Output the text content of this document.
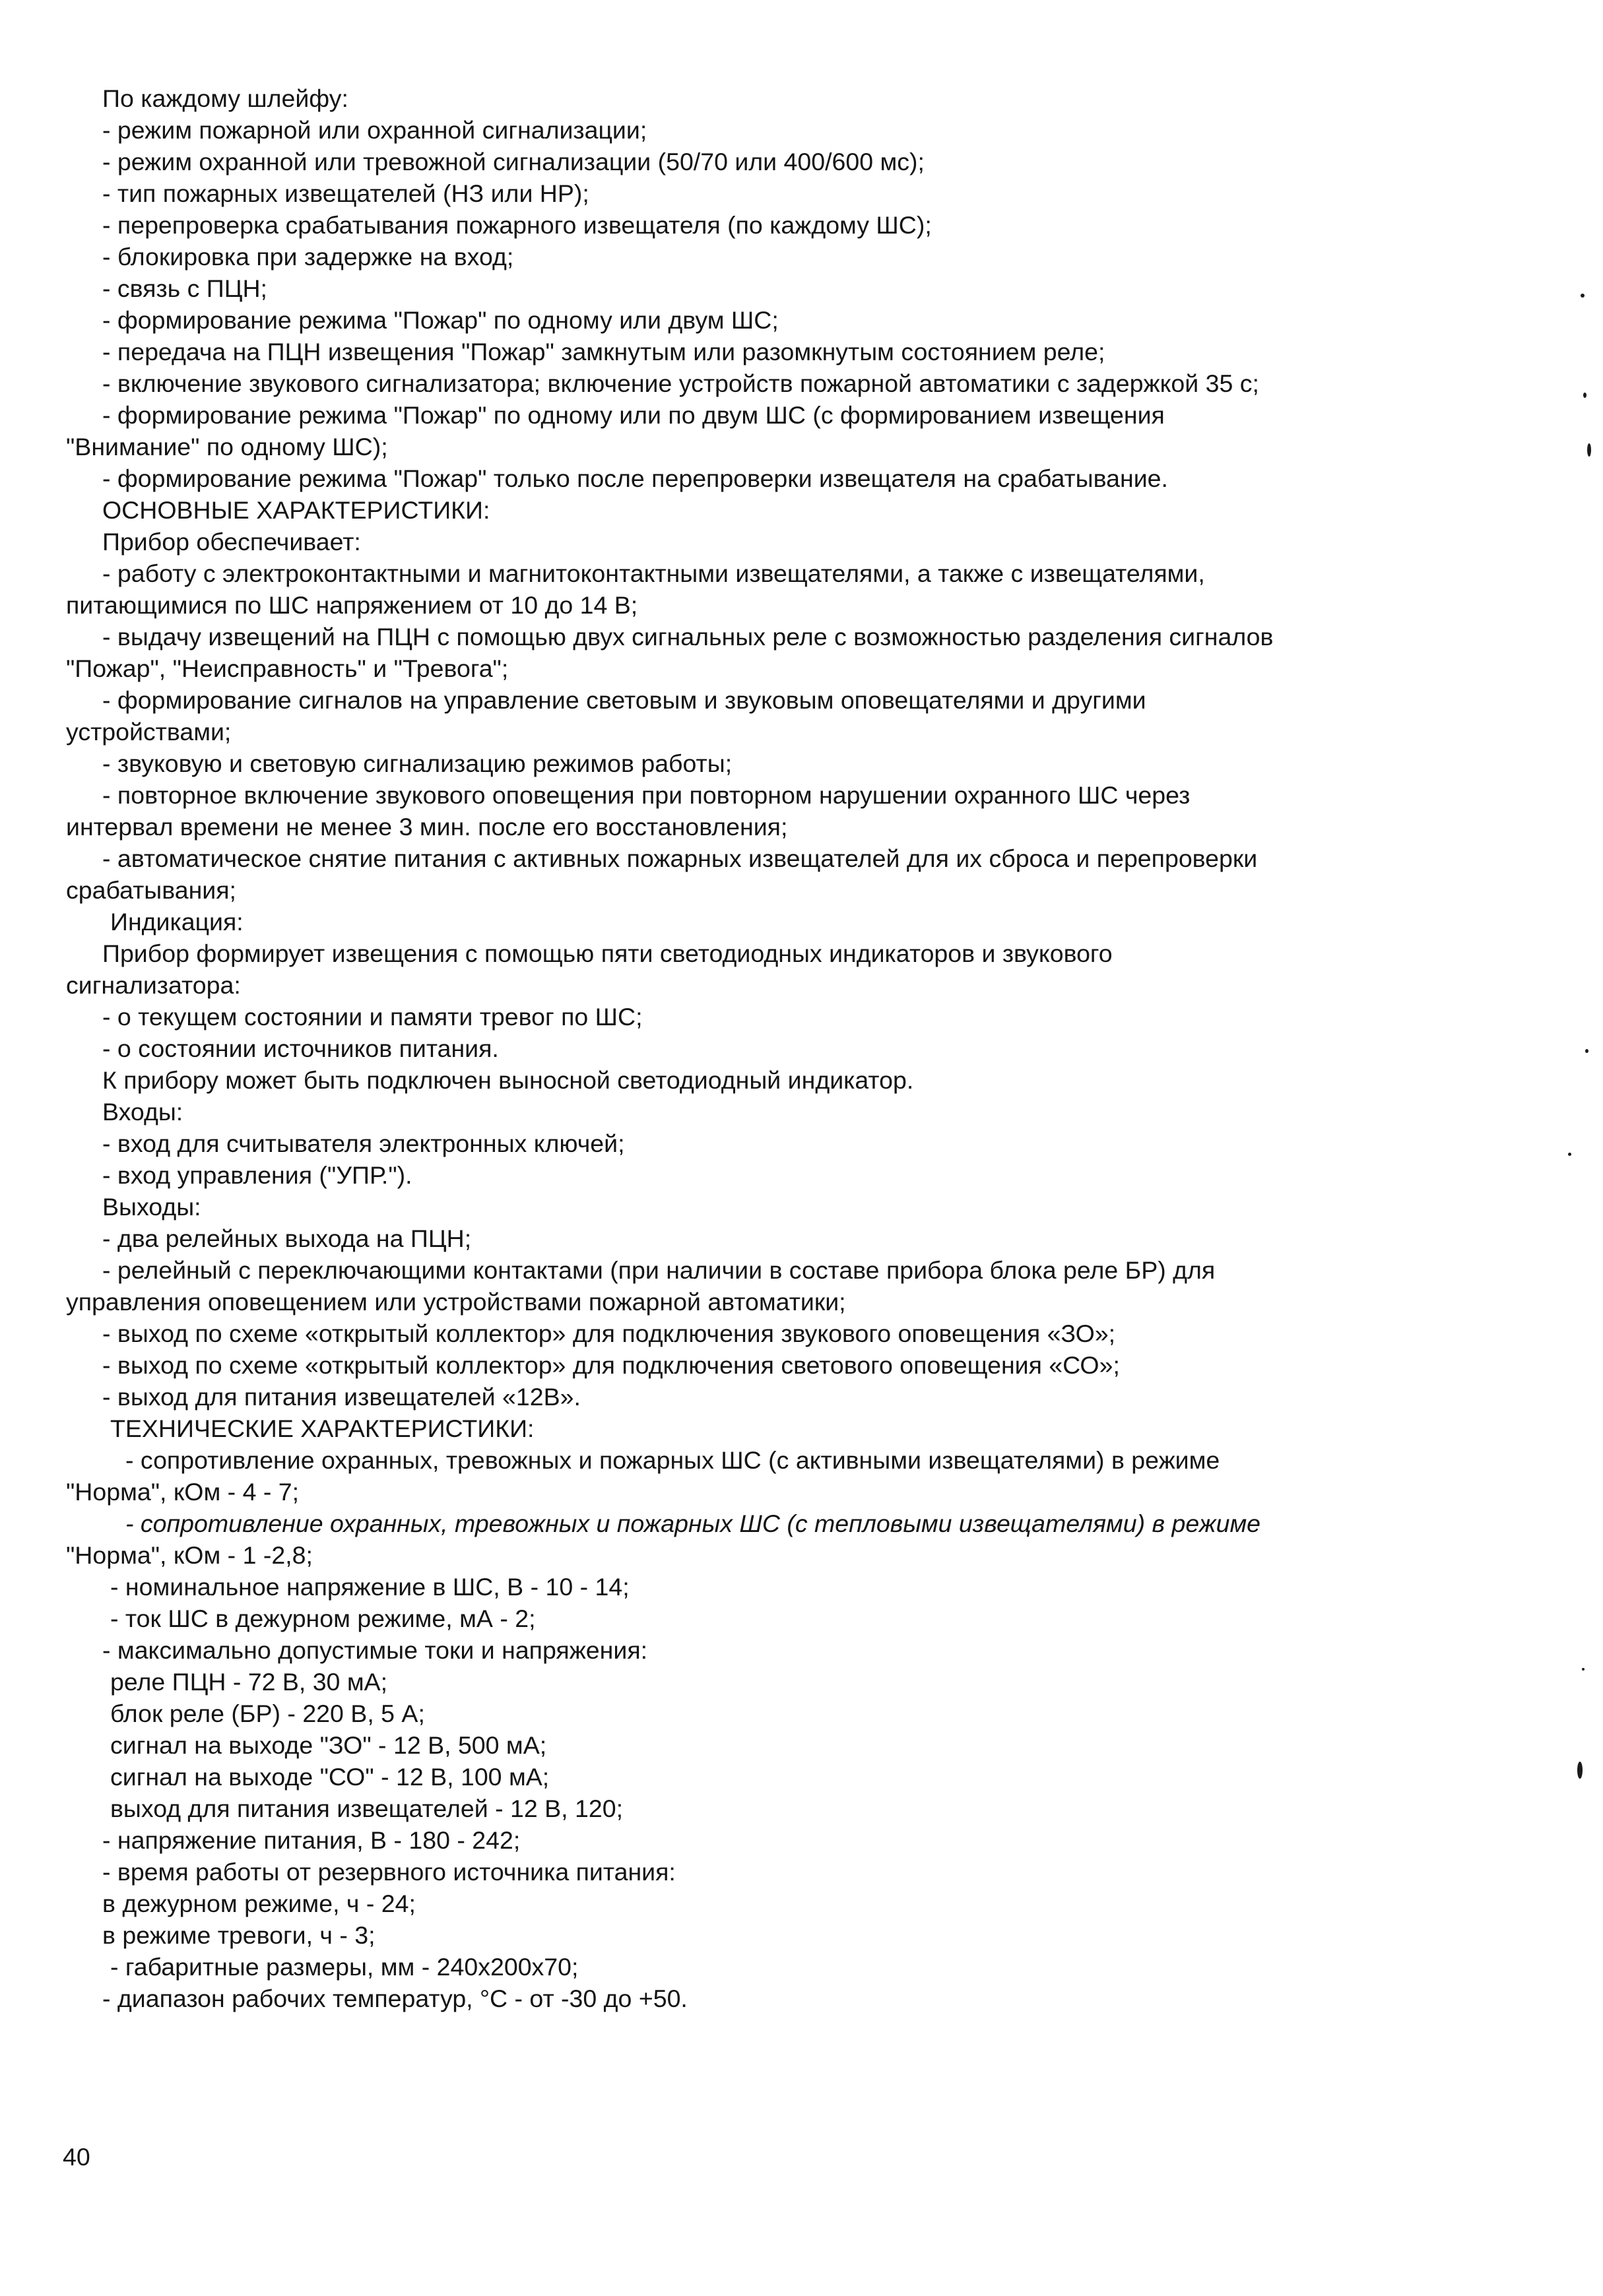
По каждому шлейфу:
- режим пожарной или охранной сигнализации;
- режим охранной или тревожной сигнализации (50/70 или 400/600 мс);
- тип пожарных извещателей (НЗ или НР);
- перепроверка срабатывания пожарного извещателя (по каждому ШС);
- блокировка при задержке на вход;
- связь с ПЦН;
- формирование режима "Пожар" по одному или двум ШС;
- передача на ПЦН извещения "Пожар" замкнутым или разомкнутым состоянием реле;
- включение звукового сигнализатора; включение устройств пожарной автоматики с задержкой 35 с;
- формирование режима "Пожар" по одному или по двум ШС (с формированием извещения
"Внимание" по одному ШС);
- формирование режима "Пожар" только после перепроверки извещателя на срабатывание.
ОСНОВНЫЕ ХАРАКТЕРИСТИКИ:
Прибор обеспечивает:
- работу с электроконтактными и магнитоконтактными извещателями, а также с извещателями,
питающимися по ШС напряжением от 10 до 14 В;
- выдачу извещений на ПЦН с помощью двух сигнальных реле с возможностью разделения сигналов
"Пожар", "Неисправность" и "Тревога";
- формирование сигналов на управление световым и звуковым оповещателями и другими
устройствами;
- звуковую и световую сигнализацию режимов работы;
- повторное включение звукового оповещения при повторном нарушении охранного ШС через
интервал времени не менее 3 мин. после его восстановления;
- автоматическое снятие питания с активных пожарных извещателей для их сброса и перепроверки
срабатывания;
Индикация:
Прибор формирует извещения с помощью пяти светодиодных индикаторов и звукового
сигнализатора:
- о текущем состоянии и памяти тревог по ШС;
- о состоянии источников питания.
К прибору может быть подключен выносной светодиодный индикатор.
Входы:
- вход для считывателя электронных ключей;
- вход управления ("УПР.").
Выходы:
- два релейных выхода на ПЦН;
- релейный с переключающими контактами (при наличии в составе прибора блока реле БР) для
управления оповещением или устройствами пожарной автоматики;
- выход по схеме «открытый коллектор» для подключения звукового оповещения «ЗО»;
- выход по схеме «открытый коллектор» для подключения светового оповещения «СО»;
- выход для питания извещателей «12В».
ТЕХНИЧЕСКИЕ ХАРАКТЕРИСТИКИ:
- сопротивление охранных, тревожных и пожарных ШС (с активными извещателями) в режиме
"Норма", кОм - 4 - 7;
- сопротивление охранных, тревожных и пожарных ШС (с тепловыми извещателями) в режиме
"Норма", кОм - 1 -2,8;
- номинальное напряжение в ШС, В - 10 - 14;
- ток ШС в дежурном режиме, мА - 2;
- максимально допустимые токи и напряжения:
реле ПЦН - 72 В, 30 мА;
блок реле (БР) - 220 В, 5 А;
сигнал на выходе "ЗО" - 12 В, 500 мА;
сигнал на выходе "СО" - 12 В, 100 мА;
выход для питания извещателей - 12 В, 120;
- напряжение питания, В - 180 - 242;
- время работы от резервного источника питания:
в дежурном режиме, ч - 24;
в режиме тревоги, ч - 3;
- габаритные размеры, мм - 240х200х70;
- диапазон рабочих температур, °С - от -30 до +50.
40
